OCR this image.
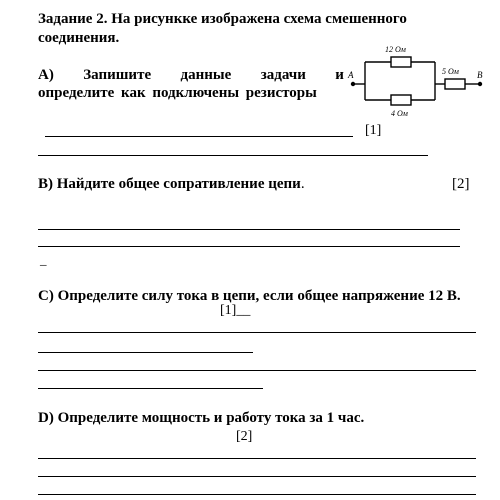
Задание 2. На рисункке изображена схема смешенного
соединения.
А) Запишите данные задачи и
определите как подключены резисторы
A
12 Ом
4 Ом
5 Ом B
[1]
B) Найдите общее сопративление цепи.	[2]
_
C) Определите силу тока в цепи, если общее напряжение 12 В.
[1]__
D) Определите мощность и работу тока за 1 час.
[2]
